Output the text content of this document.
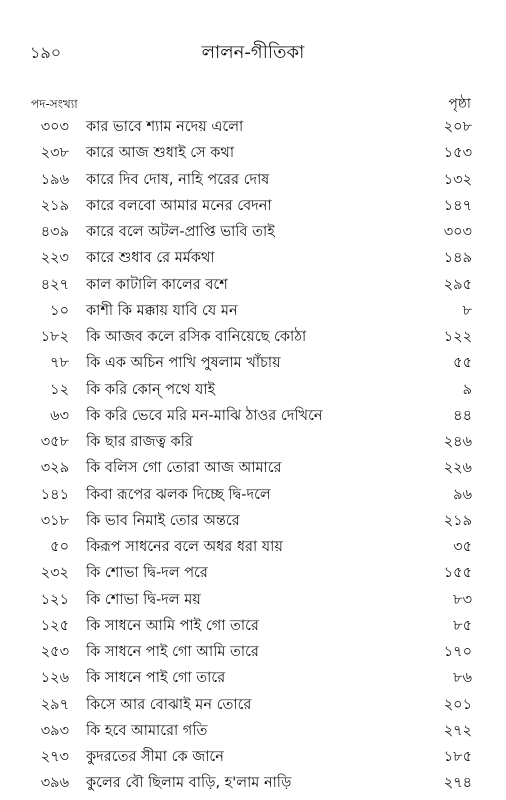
১৯০	লালন-গীতিকা
পদ-সংখ্যা	পৃষ্ঠা
৩০৩ কার ভাবে শ্যাম নদেয় এলো	২০৮
২৩৮ কারে আজ শুধাই সে কথা	১৫৩
১৯৬ কারে দিব দোষ, নাহি পরের দোষ	১৩২
২১৯ কারে বলবো আমার মনের বেদনা	১৪৭
৪৩৯ কারে বলে অটল-প্রাপ্তি ভাবি তাই	৩০৩
২২৩ কারে শুধাব রে মর্মকথা	১৪৯
৪২৭ কাল কাটালি কালের বশে	২৯৫
১০ কাশী কি মক্কায় যাবি যে মন	৮
১৮২ কি আজব কলে রসিক বানিয়েছে কোঠা	১২২
৭৮ কি এক অচিন পাখি পুষলাম খাঁচায়	৫৫
১২ কি করি কোন্ পথে যাই	৯
৬৩ কি করি ভেবে মরি মন-মাঝি ঠাওর দেখিনে	৪৪
৩৫৮ কি ছার রাজত্ব করি	২৪৬
৩২৯ কি বলিস গো তোরা আজ আমারে	২২৬
১৪১ কিবা রূপের ঝলক দিচ্ছে দ্বি-দলে	৯৬
৩১৮ কি ভাব নিমাই তোর অন্তরে	২১৯
৫০ কিরূপ সাধনের বলে অধর ধরা যায়	৩৫
২৩২ কি শোভা দ্বি-দল পরে	১৫৫
১২১ কি শোভা দ্বি-দল ময়	৮৩
১২৫ কি সাধনে আমি পাই গো তারে	৮৫
২৫৩ কি সাধনে পাই গো আমি তারে	১৭০
১২৬ কি সাধনে পাই গো তারে	৮৬
২৯৭ কিসে আর বোঝাই মন তোরে	২০১
৩৯৩ কি হবে আমারো গতি	২৭২
২৭৩ কুদরতের সীমা কে জানে	১৮৫
৩৯৬ কুলের বৌ ছিলাম বাড়ি, হ'লাম নাড়ি	২৭৪
